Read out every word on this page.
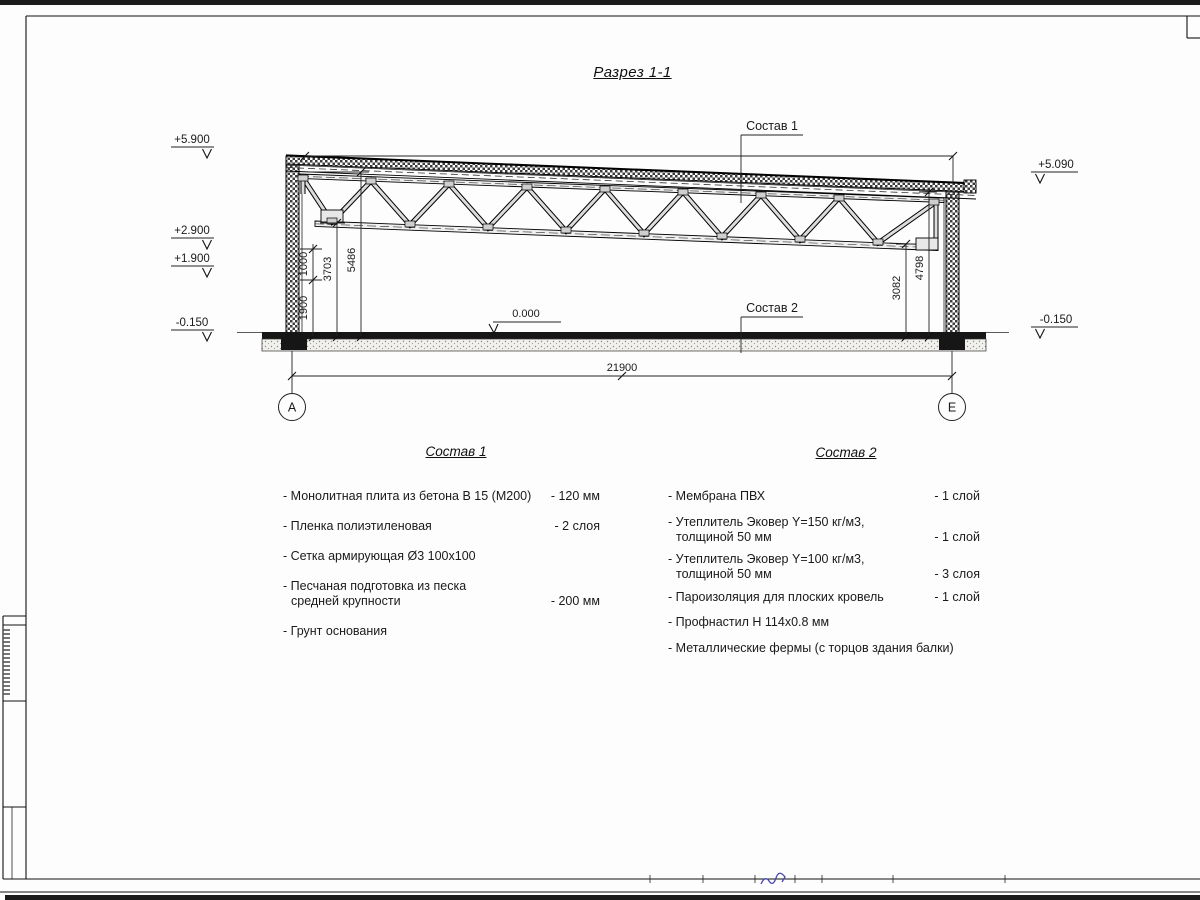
1900
1000 3703 5486
3082
4798
21900
А	Е
0.000
+5.900
+2.900
+1.900
-0.150
+5.090
-0.150
Состав 1
Состав 2
Разрез 1-1
Состав 1
- Монолитная плита из бетона В 15 (М200)	- 120 мм
- Пленка полиэтиленовая	- 2 слоя
- Сетка армирующая Ø3 100х100
- Песчаная подготовка из песка
средней крупности	- 200 мм
- Грунт основания
Состав 2
- Мембрана ПВХ	- 1 слой
- Утеплитель Эковер Y=150 кг/м3,
толщиной 50 мм	- 1 слой
- Утеплитель Эковер Y=100 кг/м3,
толщиной 50 мм	- 3 слоя
- Пароизоляция для плоских кровель	- 1 слой
- Профнастил Н 114х0.8 мм
- Металлические фермы (с торцов здания балки)
